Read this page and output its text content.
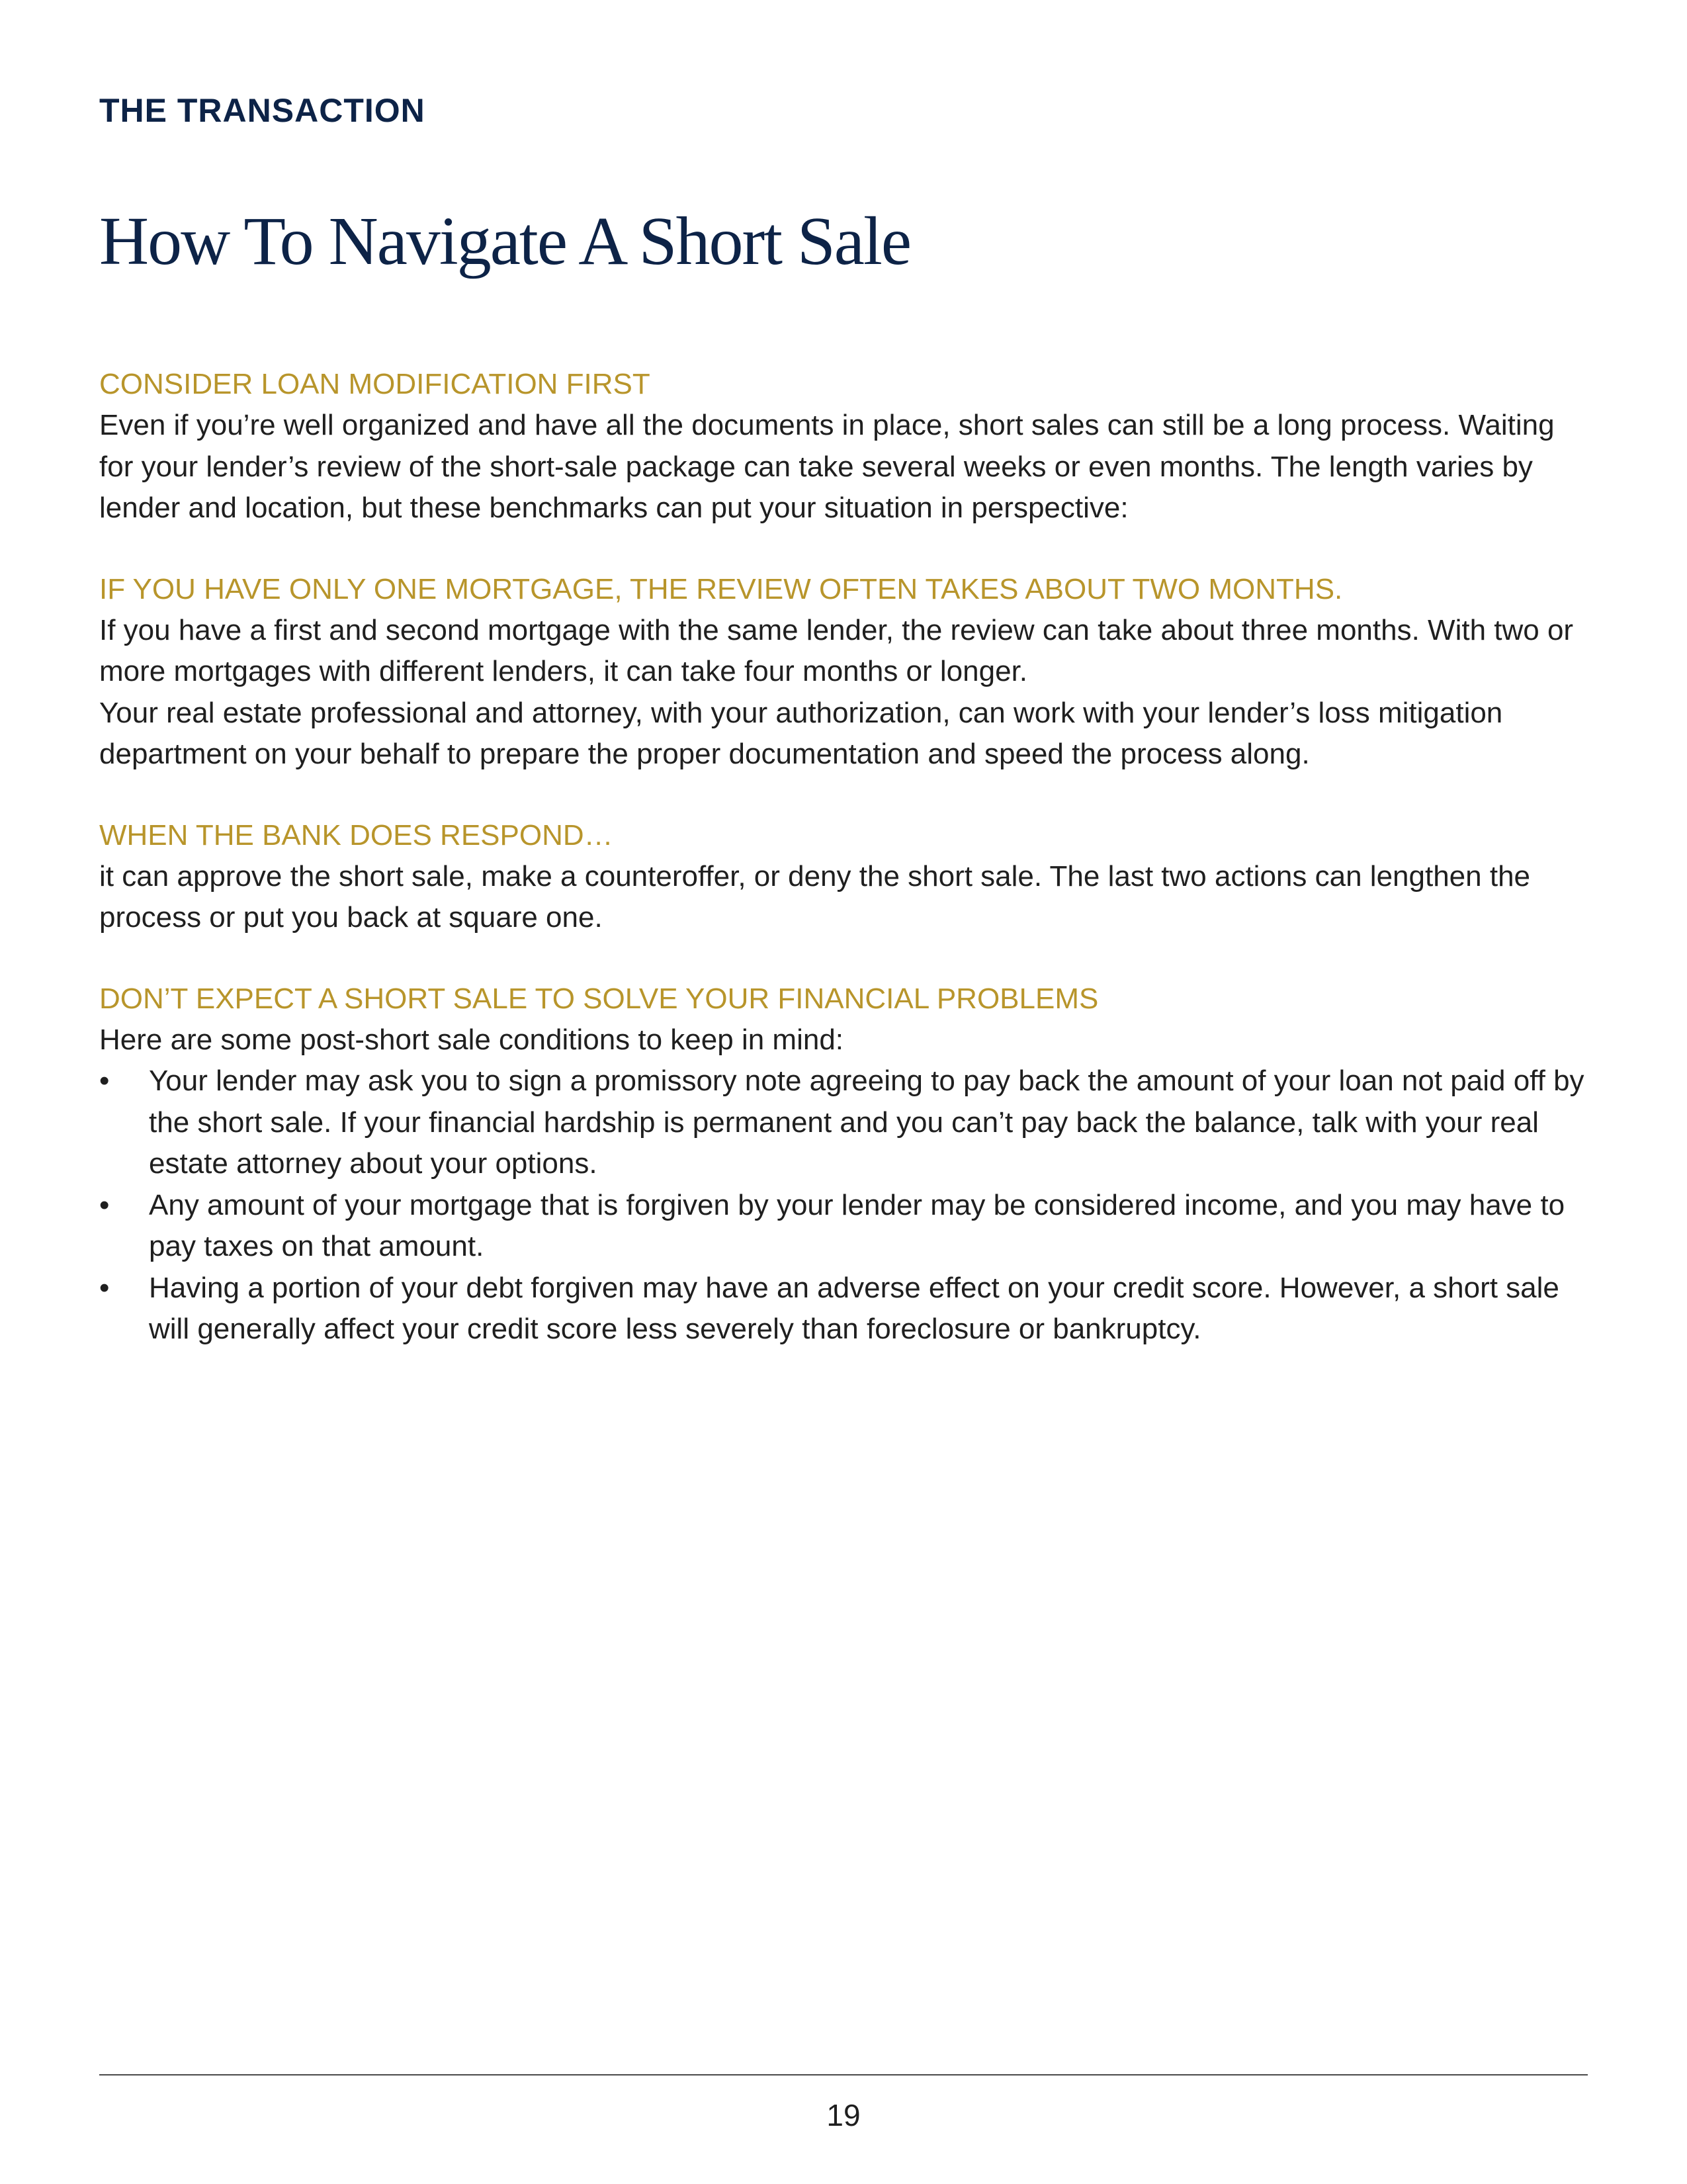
THE TRANSACTION
How To Navigate A Short Sale
CONSIDER LOAN MODIFICATION FIRST

Even if you’re well organized and have all the documents in place, short sales can still be a long process. Waiting for your lender’s review of the short-sale package can take several weeks or even months. The length varies by lender and location, but these benchmarks can put your situation in perspective:

IF YOU HAVE ONLY ONE MORTGAGE, THE REVIEW OFTEN TAKES ABOUT TWO MONTHS.

If you have a first and second mortgage with the same lender, the review can take about three months. With two or more mortgages with different lenders, it can take four months or longer.

Your real estate professional and attorney, with your authorization, can work with your lender’s loss mitigation department on your behalf to prepare the proper documentation and speed the process along.

WHEN THE BANK DOES RESPOND…

it can approve the short sale, make a counteroffer, or deny the short sale. The last two actions can lengthen the process or put you back at square one.

DON’T EXPECT A SHORT SALE TO SOLVE YOUR FINANCIAL PROBLEMS

Here are some post-short sale conditions to keep in mind:

•	Your lender may ask you to sign a promissory note agreeing to pay back the amount of your loan not paid off by the short sale. If your financial hardship is permanent and you can’t pay back the balance, talk with your real estate attorney about your options.
•	Any amount of your mortgage that is forgiven by your lender may be considered income, and you may have to pay taxes on that amount.
•	Having a portion of your debt forgiven may have an adverse effect on your credit score. However, a short sale will generally affect your credit score less severely than foreclosure or bankruptcy.
19
